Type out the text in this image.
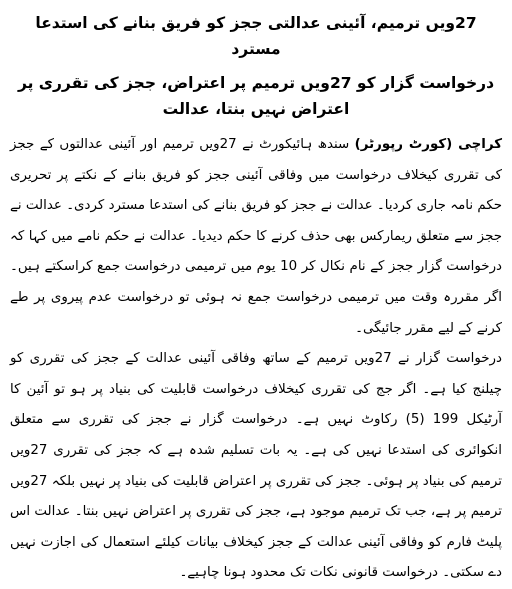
27ویں ترمیم، آئینی عدالتی ججز کو فریق بنانے کی استدعا مسترد
درخواست گزار کو 27ویں ترمیم پر اعتراض، ججز کی تقرری پر اعتراض نہیں بنتا، عدالت

کراچی (کورٹ رپورٹر) سندھ ہائیکورٹ نے 27ویں ترمیم اور آئینی عدالتوں کے ججز کی تقرری کیخلاف درخواست میں وفاقی آئینی ججز کو فریق بنانے کے نکتے پر تحریری حکم نامہ جاری کردیا۔ عدالت نے ججز کو فریق بنانے کی استدعا مسترد کردی۔ عدالت نے ججز سے متعلق ریمارکس بھی حذف کرنے کا حکم دیدیا۔ عدالت نے حکم نامے میں کہا کہ درخواست گزار ججز کے نام نکال کر 10 یوم میں ترمیمی درخواست جمع کراسکتے ہیں۔ اگر مقررہ وقت میں ترمیمی درخواست جمع نہ ہوئی تو درخواست عدم پیروی پر طے کرنے کے لیے مقرر جائیگی۔

درخواست گزار نے 27ویں ترمیم کے ساتھ وفاقی آئینی عدالت کے ججز کی تقرری کو چیلنج کیا ہے۔ اگر جج کی تقرری کیخلاف درخواست قابلیت کی بنیاد پر ہو تو آئین کا آرٹیکل 199 (5) رکاوٹ نہیں ہے۔ درخواست گزار نے ججز کی تقرری سے متعلق انکوائری کی استدعا نہیں کی ہے۔ یہ بات تسلیم شدہ ہے کہ ججز کی تقرری 27ویں ترمیم کی بنیاد پر ہوئی۔ ججز کی تقرری پر اعتراض قابلیت کی بنیاد پر نہیں بلکہ 27ویں ترمیم پر ہے، جب تک ترمیم موجود ہے، ججز کی تقرری پر اعتراض نہیں بنتا۔ عدالت اس پلیٹ فارم کو وفاقی آئینی عدالت کے ججز کیخلاف بیانات کیلئے استعمال کی اجازت نہیں دے سکتی۔ درخواست قانونی نکات تک محدود ہونا چاہیے۔
